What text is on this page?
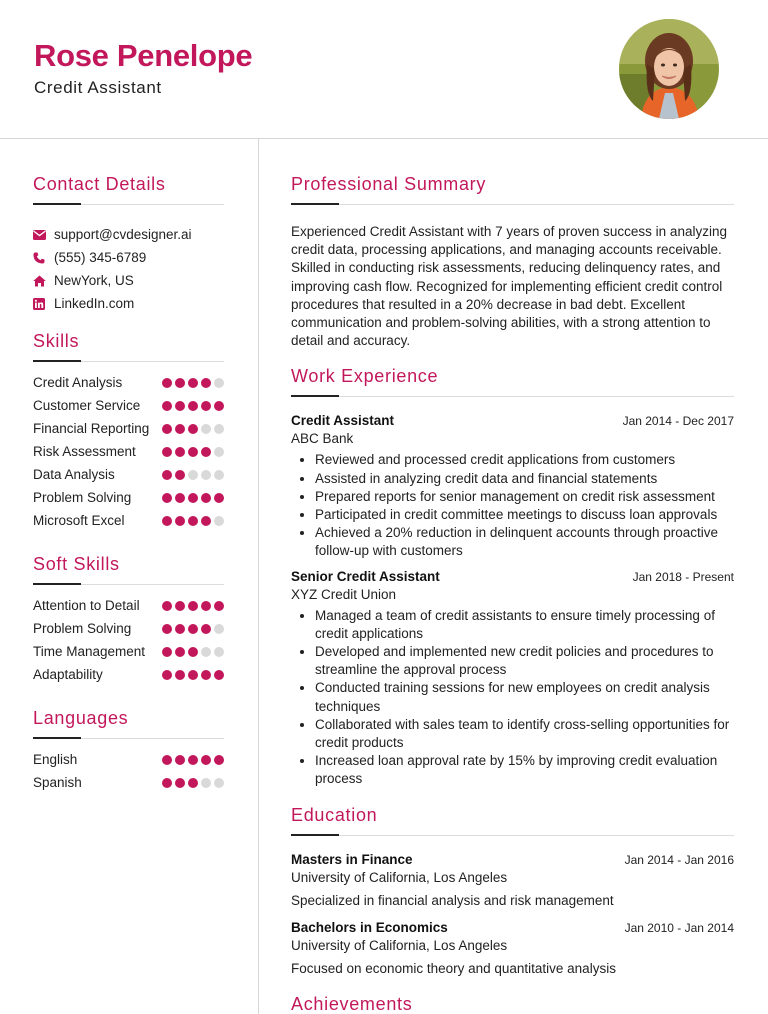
Rose Penelope
Credit Assistant
Contact Details
support@cvdesigner.ai
(555) 345-6789
NewYork, US
LinkedIn.com
Skills
Credit Analysis
Customer Service
Financial Reporting
Risk Assessment
Data Analysis
Problem Solving
Microsoft Excel
Soft Skills
Attention to Detail
Problem Solving
Time Management
Adaptability
Languages
English
Spanish
Professional Summary

Experienced Credit Assistant with 7 years of proven success in analyzing credit data, processing applications, and managing accounts receivable. Skilled in conducting risk assessments, reducing delinquency rates, and improving cash flow. Recognized for implementing efficient credit control procedures that resulted in a 20% decrease in bad debt. Excellent communication and problem-solving abilities, with a strong attention to detail and accuracy.

Work Experience
Credit Assistant	Jan 2014 - Dec 2017
ABC Bank
• Reviewed and processed credit applications from customers
• Assisted in analyzing credit data and financial statements
• Prepared reports for senior management on credit risk assessment
• Participated in credit committee meetings to discuss loan approvals
• Achieved a 20% reduction in delinquent accounts through proactive follow-up with customers
Senior Credit Assistant	Jan 2018 - Present
XYZ Credit Union
• Managed a team of credit assistants to ensure timely processing of credit applications
• Developed and implemented new credit policies and procedures to streamline the approval process
• Conducted training sessions for new employees on credit analysis techniques
• Collaborated with sales team to identify cross-selling opportunities for credit products
• Increased loan approval rate by 15% by improving credit evaluation process
Education
Masters in Finance	Jan 2014 - Jan 2016
University of California, Los Angeles
Specialized in financial analysis and risk management
Bachelors in Economics	Jan 2010 - Jan 2014
University of California, Los Angeles
Focused on economic theory and quantitative analysis
Achievements
